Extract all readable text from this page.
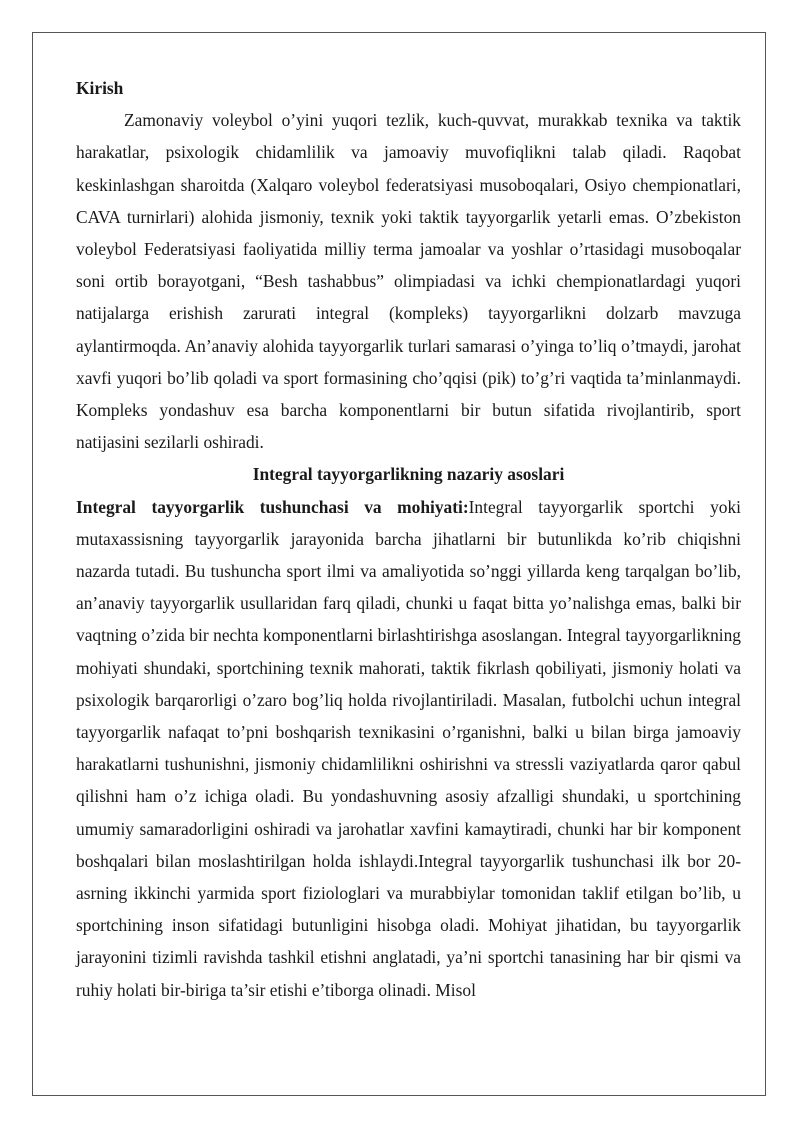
Kirish

Zamonaviy voleybol o’yini yuqori tezlik, kuch-quvvat, murakkab texnika va taktik harakatlar, psixologik chidamlilik va jamoaviy muvofiqlikni talab qiladi. Raqobat keskinlashgan sharoitda (Xalqaro voleybol federatsiyasi musoboqalari, Osiyo chempionatlari, CAVA turnirlari) alohida jismoniy, texnik yoki taktik tayyorgarlik yetarli emas. O’zbekiston voleybol Federatsiyasi faoliyatida milliy terma jamoalar va yoshlar o’rtasidagi musoboqalar soni ortib borayotgani, “Besh tashabbus” olimpiadasi va ichki chempionatlardagi yuqori natijalarga erishish zarurati integral (kompleks) tayyorgarlikni dolzarb mavzuga aylantirmoqda. An’anaviy alohida tayyorgarlik turlari samarasi o’yinga to’liq o’tmaydi, jarohat xavfi yuqori bo’lib qoladi va sport formasining cho’qqisi (pik) to’g’ri vaqtida ta’minlanmaydi. Kompleks yondashuv esa barcha komponentlarni bir butun sifatida rivojlantirib, sport natijasini sezilarli oshiradi.

Integral tayyorgarlikning nazariy asoslari

Integral tayyorgarlik tushunchasi va mohiyati:Integral tayyorgarlik sportchi yoki mutaxassisning tayyorgarlik jarayonida barcha jihatlarni bir butunlikda ko’rib chiqishni nazarda tutadi. Bu tushuncha sport ilmi va amaliyotida so’nggi yillarda keng tarqalgan bo’lib, an’anaviy tayyorgarlik usullaridan farq qiladi, chunki u faqat bitta yo’nalishga emas, balki bir vaqtning o’zida bir nechta komponentlarni birlashtirishga asoslangan. Integral tayyorgarlikning mohiyati shundaki, sportchining texnik mahorati, taktik fikrlash qobiliyati, jismoniy holati va psixologik barqarorligi o’zaro bog’liq holda rivojlantiriladi. Masalan, futbolchi uchun integral tayyorgarlik nafaqat to’pni boshqarish texnikasini o’rganishni, balki u bilan birga jamoaviy harakatlarni tushunishni, jismoniy chidamlilikni oshirishni va stressli vaziyatlarda qaror qabul qilishni ham o’z ichiga oladi. Bu yondashuvning asosiy afzalligi shundaki, u sportchining umumiy samaradorligini oshiradi va jarohatlar xavfini kamaytiradi, chunki har bir komponent boshqalari bilan moslashtirilgan holda ishlaydi.Integral tayyorgarlik tushunchasi ilk bor 20-asrning ikkinchi yarmida sport fiziologlari va murabbiylar tomonidan taklif etilgan bo’lib, u sportchining inson sifatidagi butunligini hisobga oladi. Mohiyat jihatidan, bu tayyorgarlik jarayonini tizimli ravishda tashkil etishni anglatadi, ya’ni sportchi tanasining har bir qismi va ruhiy holati bir-biriga ta’sir etishi e’tiborga olinadi. Misol
